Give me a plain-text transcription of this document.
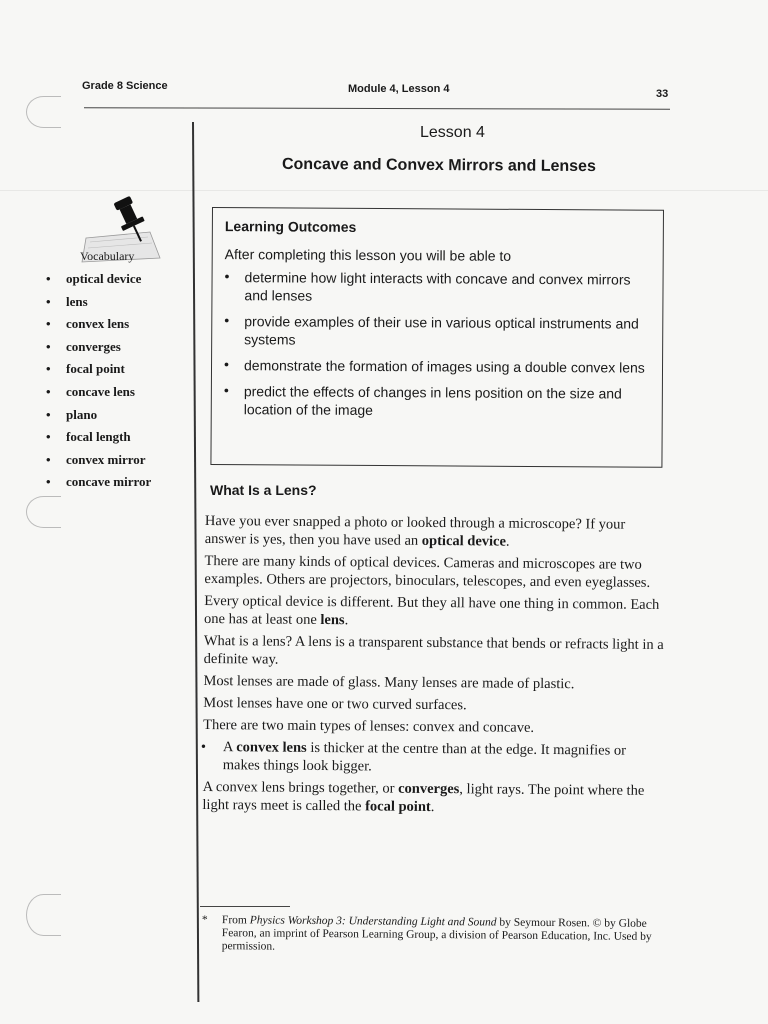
Grade 8 Science	Module 4, Lesson 4	33
Lesson 4
Concave and Convex Mirrors and Lenses
Vocabulary
• optical device
• lens
• convex lens
• converges
• focal point
• concave lens
• plano
• focal length
• convex mirror
• concave mirror
Learning Outcomes
After completing this lesson you will be able to
• determine how light interacts with concave and convex mirrors and lenses
• provide examples of their use in various optical instruments and systems
• demonstrate the formation of images using a double convex lens
• predict the effects of changes in lens position on the size and location of the image
What Is a Lens?

Have you ever snapped a photo or looked through a microscope? If your answer is yes, then you have used an optical device.

There are many kinds of optical devices. Cameras and microscopes are two examples. Others are projectors, binoculars, telescopes, and even eyeglasses.

Every optical device is different. But they all have one thing in common. Each one has at least one lens.

What is a lens? A lens is a transparent substance that bends or refracts light in a definite way.

Most lenses are made of glass. Many lenses are made of plastic.

Most lenses have one or two curved surfaces.

There are two main types of lenses: convex and concave.

• A convex lens is thicker at the centre than at the edge. It magnifies or makes things look bigger.

A convex lens brings together, or converges, light rays. The point where the light rays meet is called the focal point.

* From Physics Workshop 3: Understanding Light and Sound by Seymour Rosen. © by Globe Fearon, an imprint of Pearson Learning Group, a division of Pearson Education, Inc. Used by permission.
